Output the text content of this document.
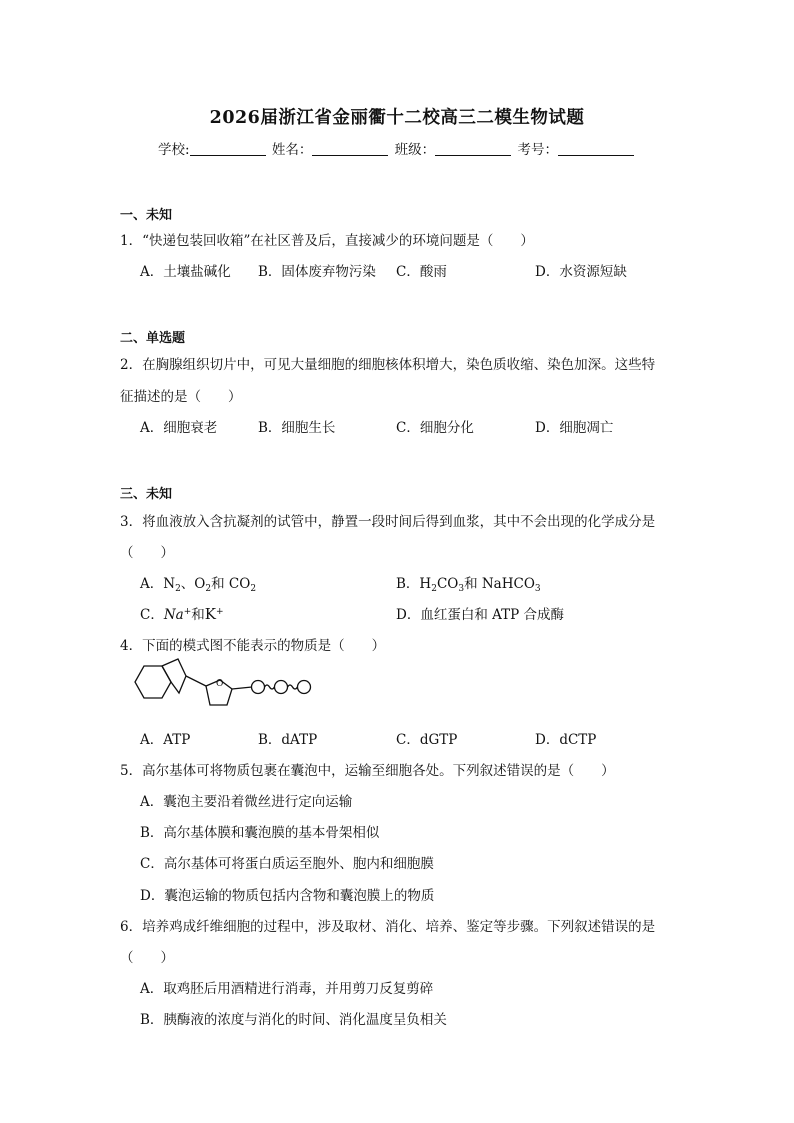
2026届浙江省金丽衢十二校高三二模生物试题
学校:	姓名：	班级：	考号：
一、未知
1．“快递包装回收箱”在社区普及后，直接减少的环境问题是（　　）
A．土壤盐碱化 B．固体废弃物污染 C．酸雨	D．水资源短缺
二、单选题
2．在胸腺组织切片中，可见大量细胞的细胞核体积增大，染色质收缩、染色加深。这些特
征描述的是（　　）
A．细胞衰老	B．细胞生长	C．细胞分化	D．细胞凋亡
三、未知
3．将血液放入含抗凝剂的试管中，静置一段时间后得到血浆，其中不会出现的化学成分是
（　　）
A．$N_2$、$O_2$和 $CO_2$	B．$H_2CO_3$和 NaHCO$_3$
C．Na+和K+	D．血红蛋白和 ATP 合成酶
4．下面的模式图不能表示的物质是（　　）
O
A．ATP	B．dATP	C．dGTP	D．dCTP
5．高尔基体可将物质包裹在囊泡中，运输至细胞各处。下列叙述错误的是（　　）
A．囊泡主要沿着微丝进行定向运输
B．高尔基体膜和囊泡膜的基本骨架相似
C．高尔基体可将蛋白质运至胞外、胞内和细胞膜
D．囊泡运输的物质包括内含物和囊泡膜上的物质
6．培养鸡成纤维细胞的过程中，涉及取材、消化、培养、鉴定等步骤。下列叙述错误的是
（　　）
A．取鸡胚后用酒精进行消毒，并用剪刀反复剪碎
B．胰酶液的浓度与消化的时间、消化温度呈负相关
